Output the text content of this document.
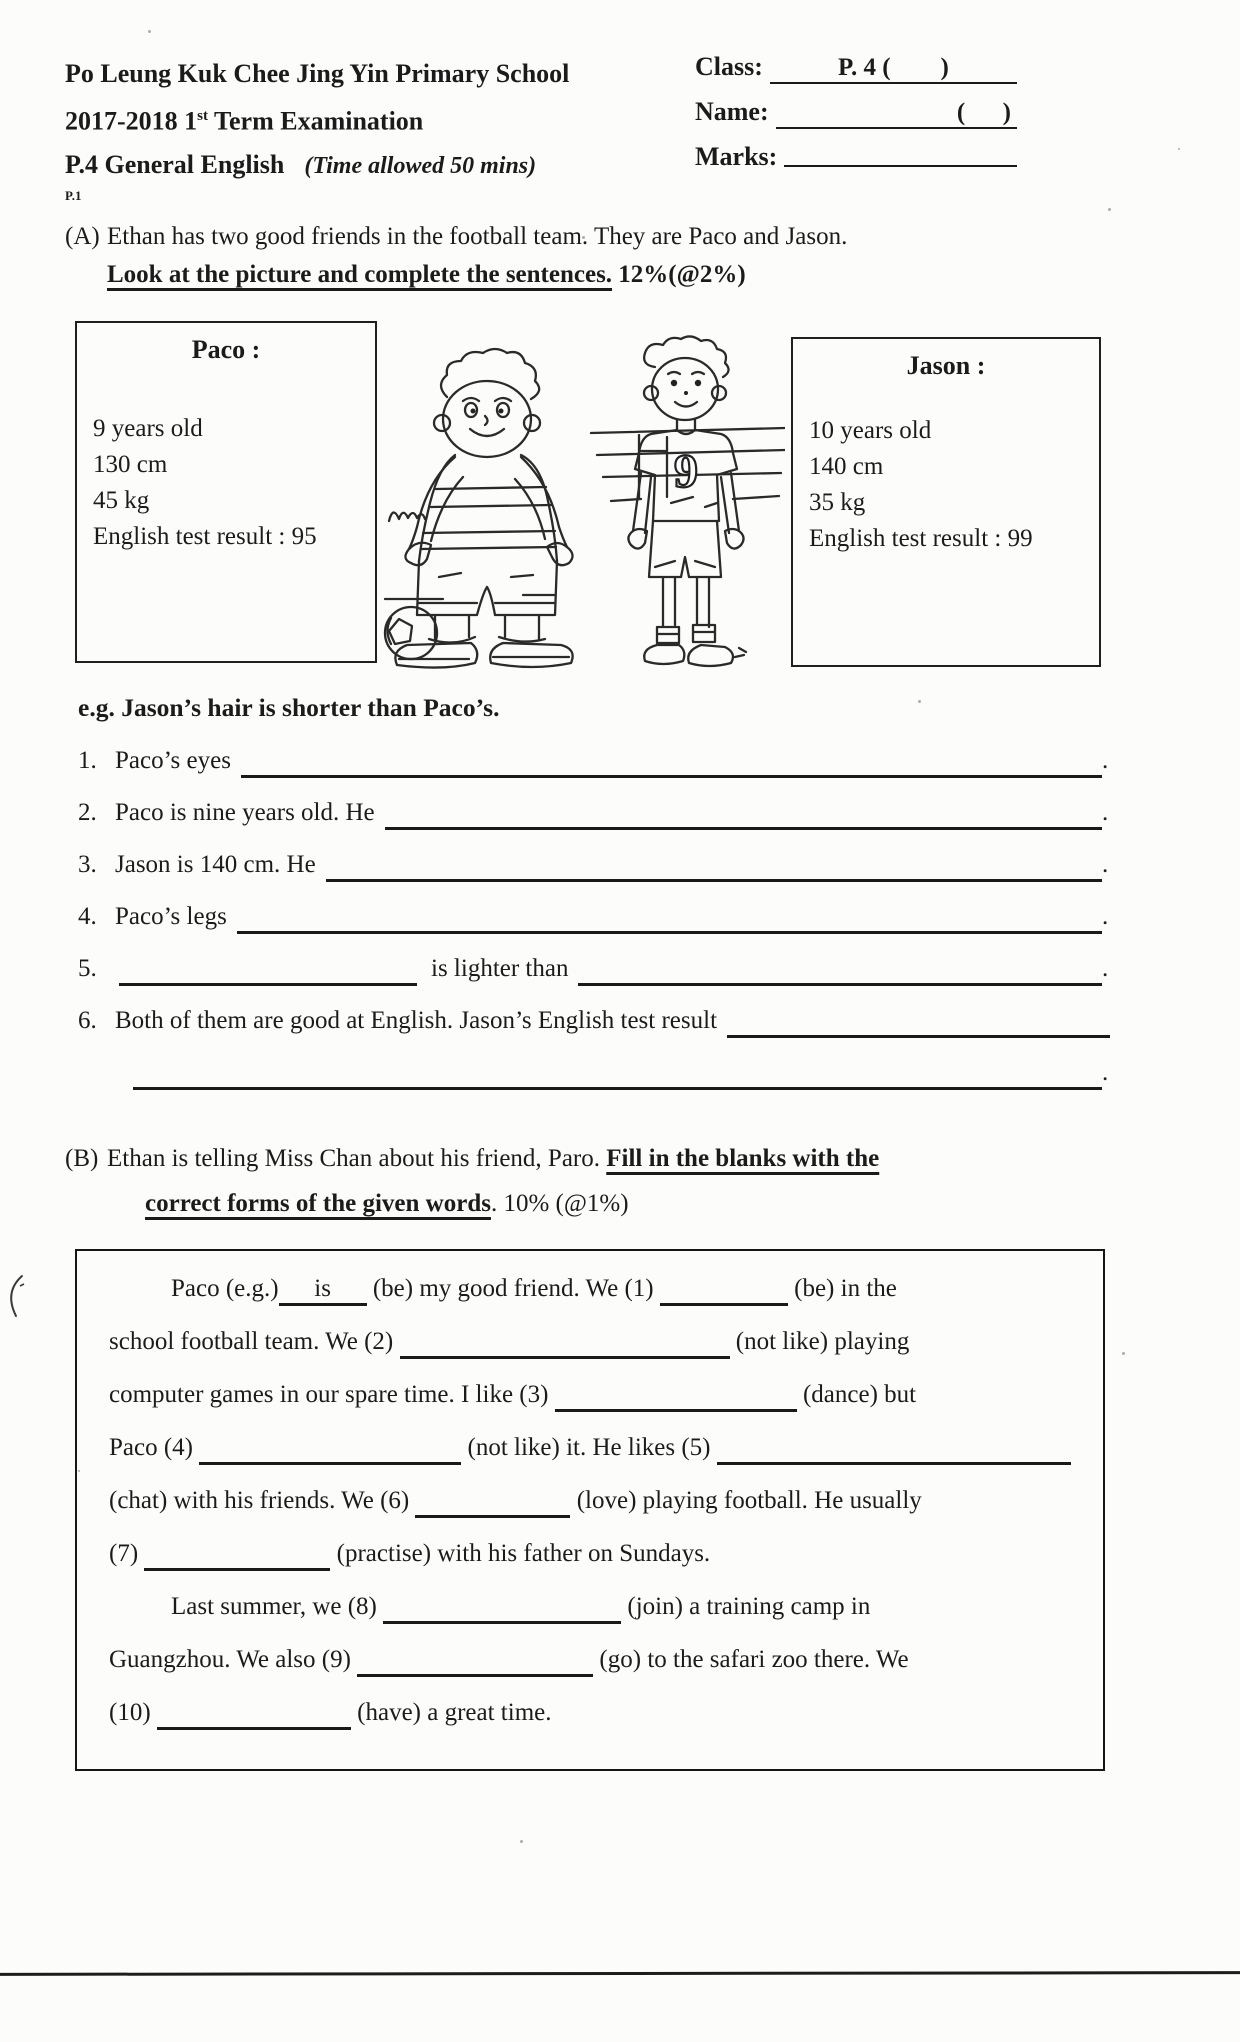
Po Leung Kuk Chee Jing Yin Primary School
2017-2018 1st Term Examination
P.4 General English (Time allowed 50 mins)
P.1
Class:	P. 4 (        )
​
Name:	(      )
​
Marks:
​
(A) Ethan has two good friends in the football team. They are Paco and Jason.
Look at the picture and complete the sentences. 12%(@2%)
Paco :
9 years old
130 cm
45 kg
English test result : 95
9
Jason :
10 years old
140 cm
35 kg
English test result : 99
e.g. Jason’s hair is shorter than Paco’s.
1. Paco’s eyes ​	.
2. Paco is nine years old. He ​	.
3. Jason is 140 cm. He ​	.
4. Paco’s legs ​	.
5. ​	is lighter than ​	.
6. Both of them are good at English. Jason’s English test result
​
​
.
(B) Ethan is telling Miss Chan about his friend, Paro. Fill in the blanks with the
correct forms of the given words. 10% (@1%)
Paco (e.g.)	is	(be) my good friend. We (1) ​	(be) in the
school football team. We (2) ​	(not like) playing
computer games in our spare time. I like (3) ​	(dance) but
Paco (4) ​	(not like) it. He likes (5)
​
(chat) with his friends. We (6) ​	(love) playing football. He usually
(7) ​	(practise) with his father on Sundays.
Last summer, we (8) ​	(join) a training camp in
Guangzhou. We also (9) ​	(go) to the safari zoo there. We
(10) ​	(have) a great time.
